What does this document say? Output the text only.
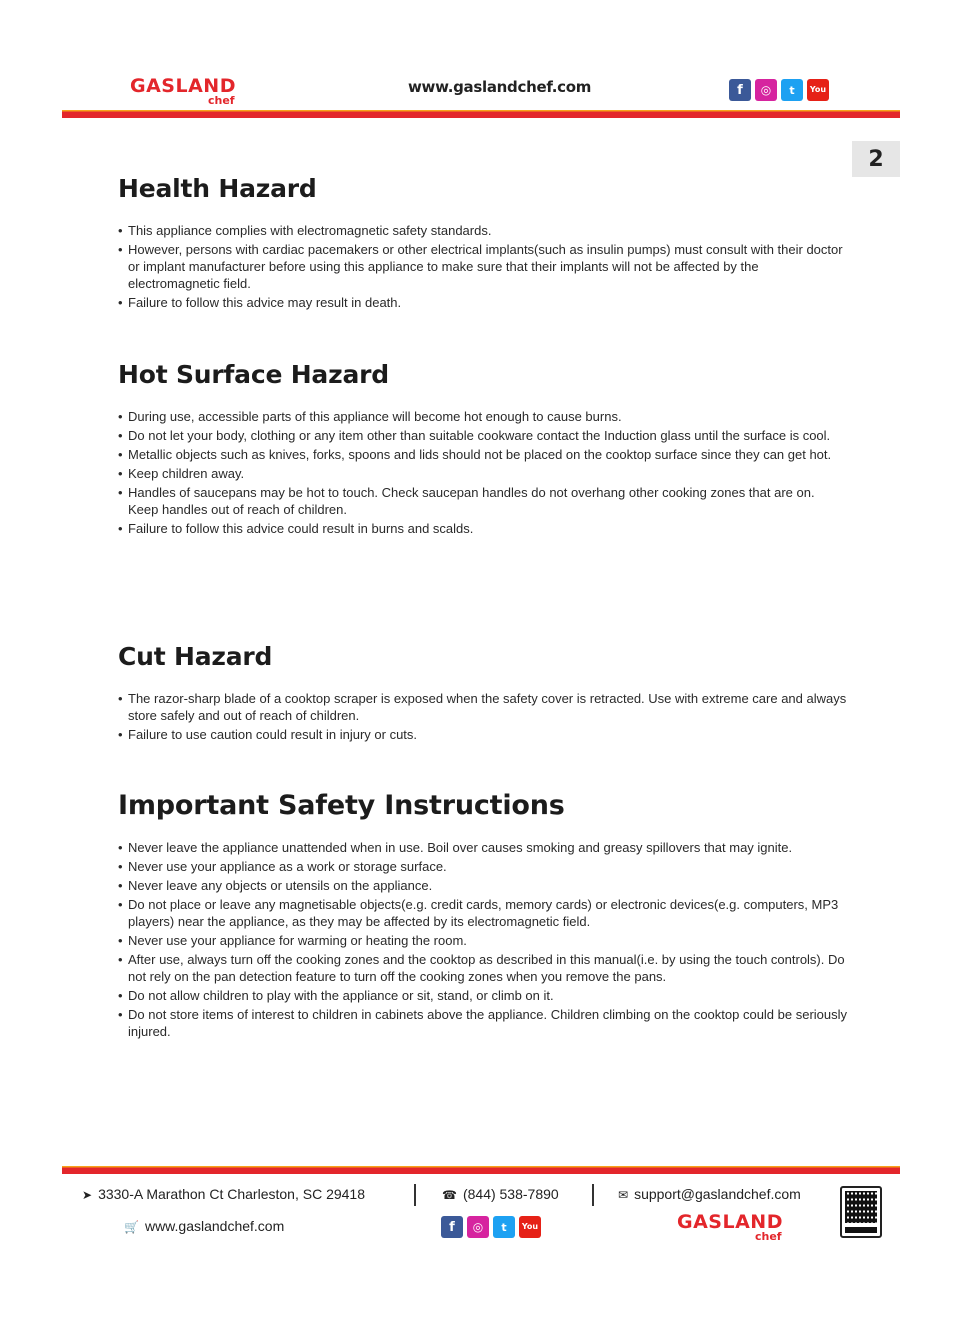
GASLAND
chef
www.gaslandchef.com	f	◎	t	You
2
Health Hazard
• This appliance complies with electromagnetic safety standards.
• However, persons with cardiac pacemakers or other electrical implants(such as insulin pumps) must consult with their doctor or implant manufacturer before using this appliance to make sure that their implants will not be affected by the electromagnetic field.
• Failure to follow this advice may result in death.
Hot Surface Hazard
• During use, accessible parts of this appliance will become hot enough to cause burns.
• Do not let your body, clothing or any item other than suitable cookware contact the Induction glass until the surface is cool.
• Metallic objects such as knives, forks, spoons and lids should not be placed on the cooktop surface since they can get hot.
• Keep children away.
• Handles of saucepans may be hot to touch. Check saucepan handles do not overhang other cooking zones that are on. Keep handles out of reach of children.
• Failure to follow this advice could result in burns and scalds.
Cut Hazard
• The razor-sharp blade of a cooktop scraper is exposed when the safety cover is retracted. Use with extreme care and always store safely and out of reach of children.
• Failure to use caution could result in injury or cuts.
Important Safety Instructions
• Never leave the appliance unattended when in use. Boil over causes smoking and greasy spillovers that may ignite.
• Never use your appliance as a work or storage surface.
• Never leave any objects or utensils on the appliance.
• Do not place or leave any magnetisable objects(e.g. credit cards, memory cards) or electronic devices(e.g. computers, MP3 players) near the appliance, as they may be affected by its electromagnetic field.
• Never use your appliance for warming or heating the room.
• After use, always turn off the cooking zones and the cooktop as described in this manual(i.e. by using the touch controls). Do not rely on the pan detection feature to turn off the cooking zones when you remove the pans.
• Do not allow children to play with the appliance or sit, stand, or climb on it.
• Do not store items of interest to children in cabinets above the appliance. Children climbing on the cooktop could be seriously injured.
➤ 3330-A Marathon Ct Charleston, SC 29418	☎ (844) 538-7890	✉ support@gaslandchef.com
🛒 www.gaslandchef.com	f	◎	t	You	GASLAND
chef
